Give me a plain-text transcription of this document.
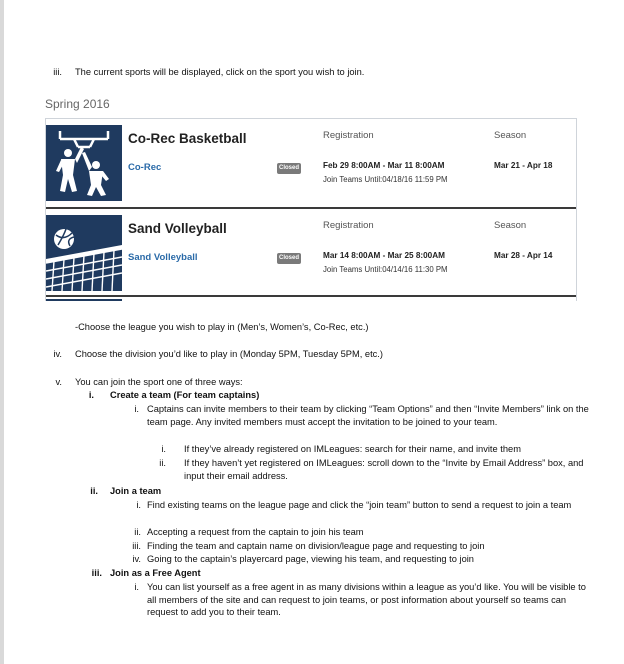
iii. The current sports will be displayed, click on the sport you wish to join.
Spring 2016
Co-Rec Basketball
Co-Rec	Closed
Registration	Season
Feb 29 8:00AM - Mar 11 8:00AM
Join Teams Until:04/18/16 11:59 PM
Mar 21 - Apr 18
Sand Volleyball
Sand Volleyball	Closed
Registration	Season
Mar 14 8:00AM - Mar 25 8:00AM
Join Teams Until:04/14/16 11:30 PM
Mar 28 - Apr 14
-Choose the league you wish to play in (Men’s, Women’s, Co-Rec, etc.)
iv. Choose the division you’d like to play in (Monday 5PM, Tuesday 5PM, etc.)
v. You can join the sport one of three ways:
i. Create a team (For team captains)
i. Captains can invite members to their team by clicking “Team Options” and then “Invite Members” link on the team page. Any invited members must accept the invitation to be joined to your team.
i. If they’ve already registered on IMLeagues: search for their name, and invite them
ii. If they haven’t yet registered on IMLeagues: scroll down to the “Invite by Email Address” box, and input their email address.
ii. Join a team
i. Find existing teams on the league page and click the “join team” button to send a request to join a team
ii. Accepting a request from the captain to join his team
iii. Finding the team and captain name on division/league page and requesting to join
iv. Going to the captain’s playercard page, viewing his team, and requesting to join
iii. Join as a Free Agent
i. You can list yourself as a free agent in as many divisions within a league as you’d like. You will be visible to all members of the site and can request to join teams, or post information about yourself so teams can request to add you to their team.
